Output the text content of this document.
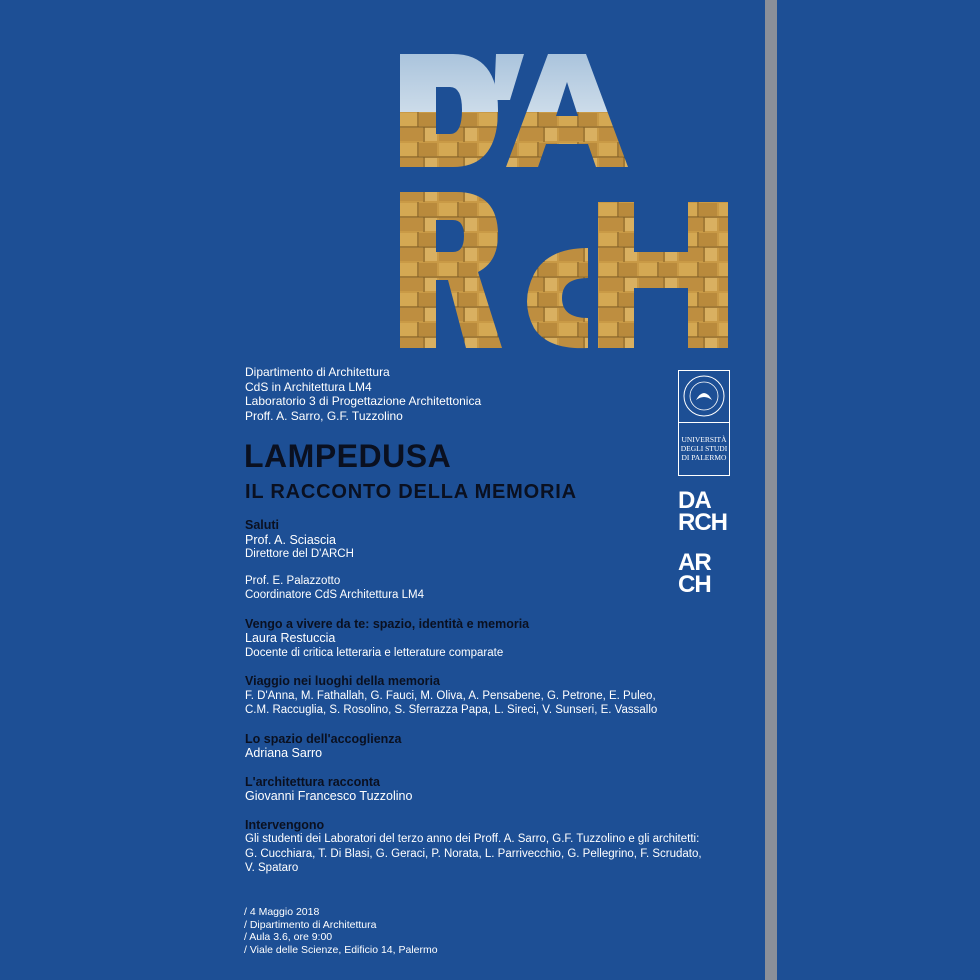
Dipartimento di Architettura
CdS in Architettura LM4
Laboratorio 3 di Progettazione Architettonica
Proff. A. Sarro, G.F. Tuzzolino
LAMPEDUSA
IL RACCONTO DELLA MEMORIA
Saluti
Prof. A. Sciascia
Direttore del D'ARCH
Prof. E. Palazzotto
Coordinatore CdS Architettura LM4
Vengo a vivere da te: spazio, identità e memoria
Laura Restuccia
Docente di critica letteraria e letterature comparate
Viaggio nei luoghi della memoria
F. D'Anna, M. Fathallah, G. Fauci, M. Oliva, A. Pensabene, G. Petrone, E. Puleo,
C.M. Raccuglia, S. Rosolino, S. Sferrazza Papa, L. Sireci, V. Sunseri, E. Vassallo
Lo spazio dell'accoglienza
Adriana Sarro
L'architettura racconta
Giovanni Francesco Tuzzolino
Intervengono
Gli studenti dei Laboratori del terzo anno dei Proff. A. Sarro, G.F. Tuzzolino e gli architetti:
G. Cucchiara, T. Di Blasi, G. Geraci, P. Norata, L. Parrivecchio, G. Pellegrino, F. Scrudato,
V. Spataro
/ 4 Maggio 2018
/ Dipartimento di Architettura
/ Aula 3.6, ore 9:00
/ Viale delle Scienze, Edificio 14, Palermo
UNIVERSITÀ
DEGLI STUDI
DI PALERMO
DA
RCH
AR
CH
